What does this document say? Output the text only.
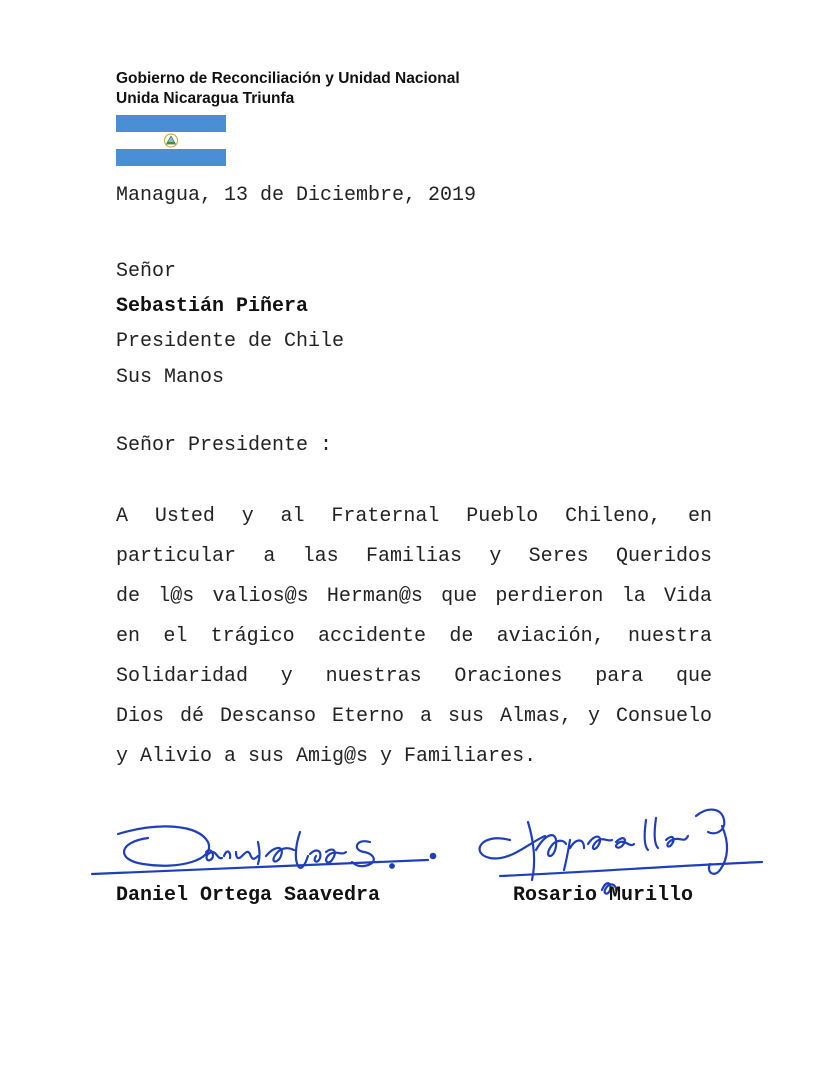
Gobierno de Reconciliación y Unidad Nacional
Unida Nicaragua Triunfa
Managua, 13 de Diciembre, 2019
Señor
Sebastián Piñera
Presidente de Chile
Sus Manos
Señor Presidente :
A Usted y al Fraternal Pueblo Chileno, en
particular a las Familias y Seres Queridos
de l@s valios@s Herman@s que perdieron la Vida
en el trágico accidente de aviación, nuestra
Solidaridad y nuestras Oraciones para que
Dios dé Descanso Eterno a sus Almas, y Consuelo
y Alivio a sus Amig@s y Familiares.
Daniel Ortega Saavedra	Rosario Murillo
